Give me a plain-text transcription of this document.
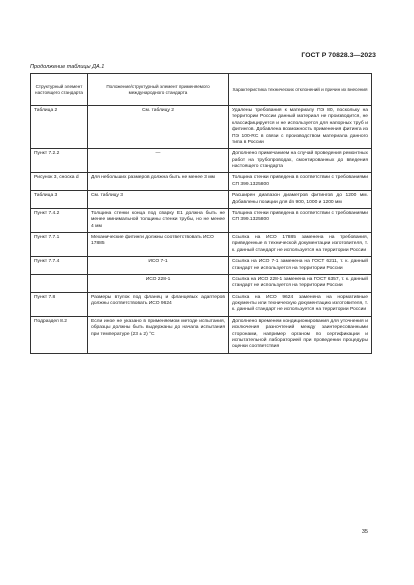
ГОСТ Р 70828.3—2023
Продолжение таблицы ДА.1
Структурный элемент настоящего стандарта	Положение/структурный элемент применяемого международного стандарта	Характеристика технических отклонений и причин их внесения
Таблица 2	См. таблицу 2	Удалены требования к материалу ПЭ 80, поскольку на территории России данный материал не производится, не классифицируется и не используется для напорных труб и фитингов. Добавлена возможность применения фитинга из ПЭ 100-RC в связи с производством материала данного типа в России
Пункт 7.2.2	—	Дополнено примечанием на случай проведения ремонтных работ на трубопроводах, смонтированных до введения настоящего стандарта
Рисунок 3, сноска d	Для небольших размеров должна быть не менее 3 мм	Толщина стенки приведена в соответствии с требованиями СП 399.1325800
Таблица 3	См. таблицу 3	Расширен диапазон диаметров фитингов до 1200 мм. Добавлены позиции для dn 900, 1000 и 1200 мм
Пункт 7.4.2	Толщина стенки конца под сварку E1 должна быть не менее минимальной толщины стенки трубы, но не менее 4 мм	Толщина стенки приведена в соответствии с требованиями СП 399.1325800
Пункт 7.7.1	Механические фитинги должны соответствовать ИСО 17885	Ссылка на ИСО 17885 заменена на требования, приведенные в технической документации изготовителя, т. к. данный стандарт не используется на территории России
Пункт 7.7.4	ИСО 7-1	Ссылка на ИСО 7-1 заменена на ГОСТ 6211, т. к. данный стандарт не используется на территории России
	ИСО 228-1	Ссылка на ИСО 228-1 заменена на ГОСТ 6357, т. к. данный стандарт не используется на территории России
Пункт 7.8	Размеры втулок под фланец и фланцевых адаптеров должны соответствовать ИСО 9624	Ссылка на ИСО 9624 заменена на нормативные документы или техническую документацию изготовителя, т. к. данный стандарт не используется на территории России
Подраздел 8.2	Если иное не указано в применяемом методе испытания, образцы должны быть выдержаны до начала испытания при температуре (23 ± 2) °С	Дополнено временем кондиционирования для уточнения и исключения разночтений между заинтересованными сторонами, например органом по сертификации и испытательной лабораторией при проведении процедуры оценки соответствия
35
